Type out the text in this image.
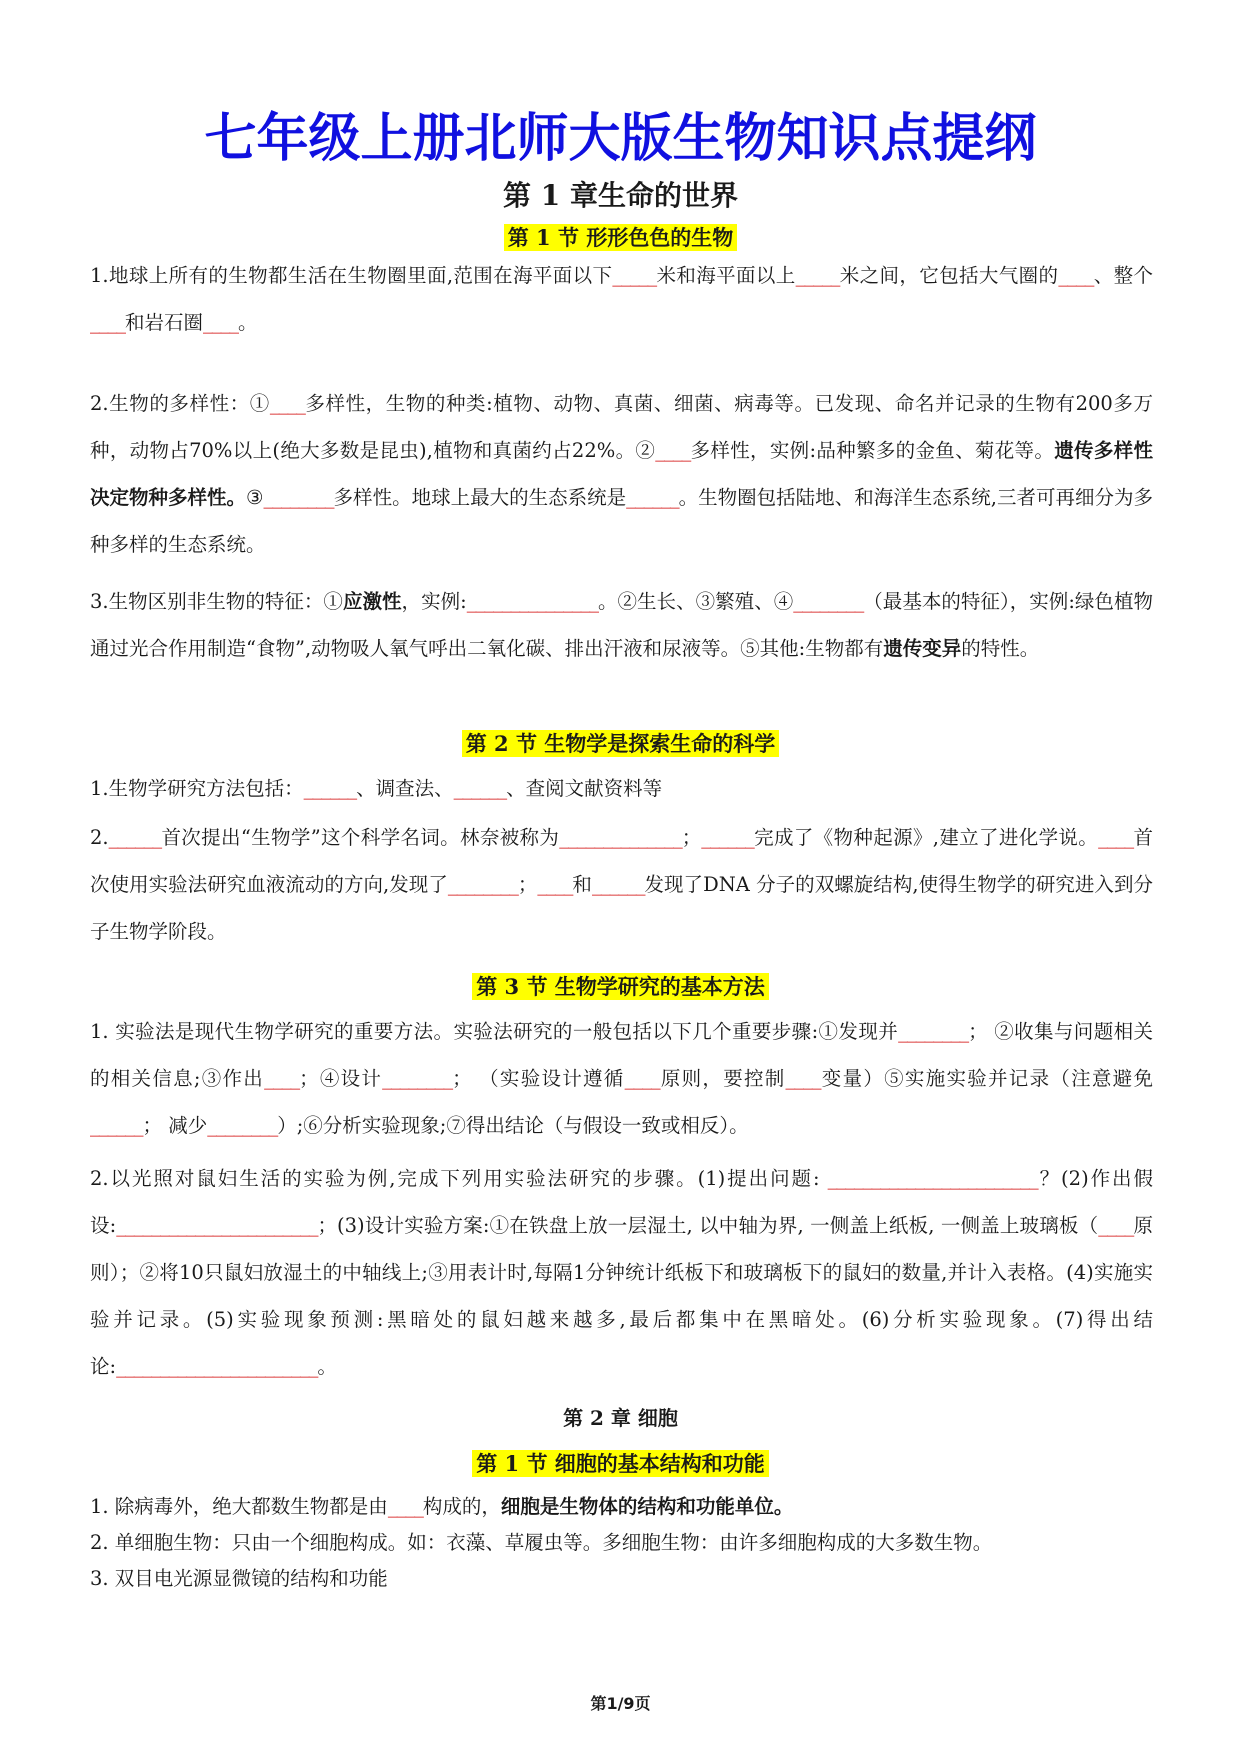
七年级上册北师大版生物知识点提纲
第 1 章生命的世界
第 1 节 形形色色的生物

1.地球上所有的生物都生活在生物圈里面,范围在海平面以下_____米和海平面以上_____米之间，它包括大气圈的____、整个____和岩石圈____。

2.生物的多样性：①____多样性，生物的种类:植物、动物、真菌、细菌、病毒等。已发现、命名并记录的生物有200多万种，动物占70%以上(绝大多数是昆虫),植物和真菌约占22%。②____多样性，实例:品种繁多的金鱼、菊花等。遗传多样性决定物种多样性。③________多样性。地球上最大的生态系统是______。生物圈包括陆地、和海洋生态系统,三者可再细分为多种多样的生态系统。

3.生物区别非生物的特征：①应激性，实例:_______________。②生长、③繁殖、④________（最基本的特征），实例:绿色植物通过光合作用制造“食物”,动物吸人氧气呼出二氧化碳、排出汗液和尿液等。⑤其他:生物都有遗传变异的特性。

第 2 节 生物学是探索生命的科学

1.生物学研究方法包括：______、调查法、______、查阅文献资料等

2.______首次提出“生物学”这个科学名词。林奈被称为______________；______完成了《物种起源》,建立了进化学说。____首次使用实验法研究血液流动的方向,发现了________；____和______发现了DNA 分子的双螺旋结构,使得生物学的研究进入到分子生物学阶段。

第 3 节 生物学研究的基本方法

1. 实验法是现代生物学研究的重要方法。实验法研究的一般包括以下几个重要步骤:①发现并________； ②收集与问题相关的相关信息;③作出____；④设计________； （实验设计遵循____原则，要控制____变量）⑤实施实验并记录（注意避免______； 减少________）;⑥分析实验现象;⑦得出结论（与假设一致或相反）。

2.以光照对鼠妇生活的实验为例,完成下列用实验法研究的步骤。(1)提出问题: ________________________？(2)作出假设:_______________________；(3)设计实验方案:①在铁盘上放一层湿土, 以中轴为界, 一侧盖上纸板, 一侧盖上玻璃板（____原则）；②将10只鼠妇放湿土的中轴线上;③用表计时,每隔1分钟统计纸板下和玻璃板下的鼠妇的数量,并计入表格。(4)实施实验并记录。(5)实验现象预测:黑暗处的鼠妇越来越多,最后都集中在黑暗处。(6)分析实验现象。(7)得出结论:_______________________。

第 2 章 细胞
第 1 节 细胞的基本结构和功能

1. 除病毒外，绝大都数生物都是由____构成的，细胞是生物体的结构和功能单位。

2. 单细胞生物：只由一个细胞构成。如：衣藻、草履虫等。多细胞生物：由许多细胞构成的大多数生物。

3. 双目电光源显微镜的结构和功能

第1/9页
